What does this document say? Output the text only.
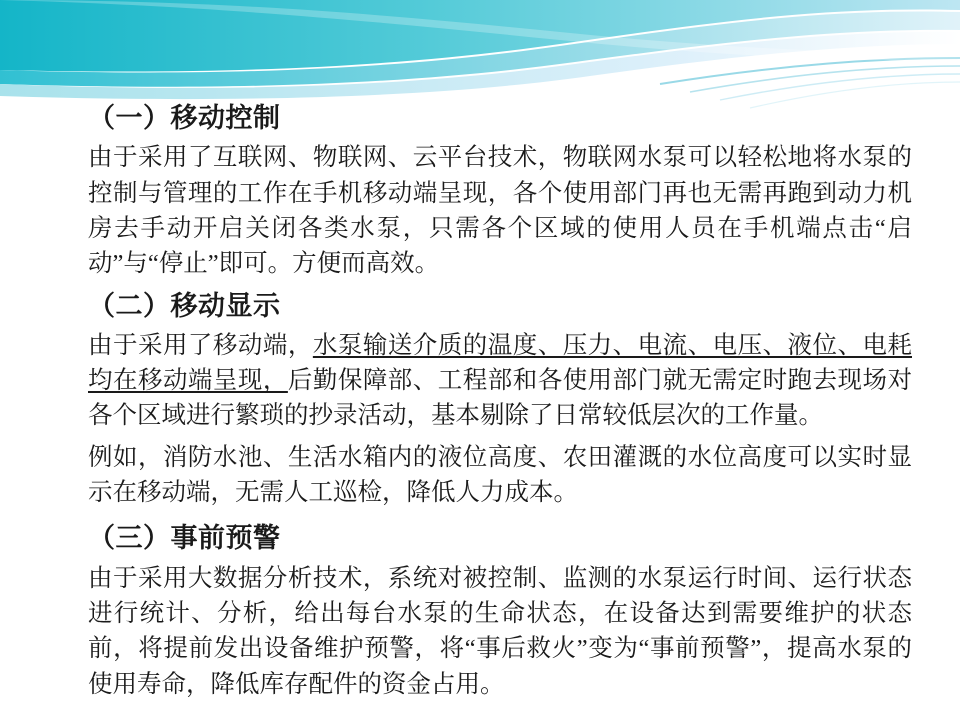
（一）移动控制
由于采用了互联网、物联网、云平台技术，物联网水泵可以轻松地将水泵的控制与管理的工作在手机移动端呈现，各个使用部门再也无需再跑到动力机房去手动开启关闭各类水泵，只需各个区域的使用人员在手机端点击“启动”与“停止”即可。方便而高效。
（二）移动显示
由于采用了移动端，水泵输送介质的温度、压力、电流、电压、液位、电耗均在移动端呈现，后勤保障部、工程部和各使用部门就无需定时跑去现场对各个区域进行繁琐的抄录活动，基本剔除了日常较低层次的工作量。
例如，消防水池、生活水箱内的液位高度、农田灌溉的水位高度可以实时显示在移动端，无需人工巡检，降低人力成本。
（三）事前预警
由于采用大数据分析技术，系统对被控制、监测的水泵运行时间、运行状态进行统计、分析，给出每台水泵的生命状态，在设备达到需要维护的状态前，将提前发出设备维护预警，将“事后救火”变为“事前预警”，提高水泵的使用寿命，降低库存配件的资金占用。
